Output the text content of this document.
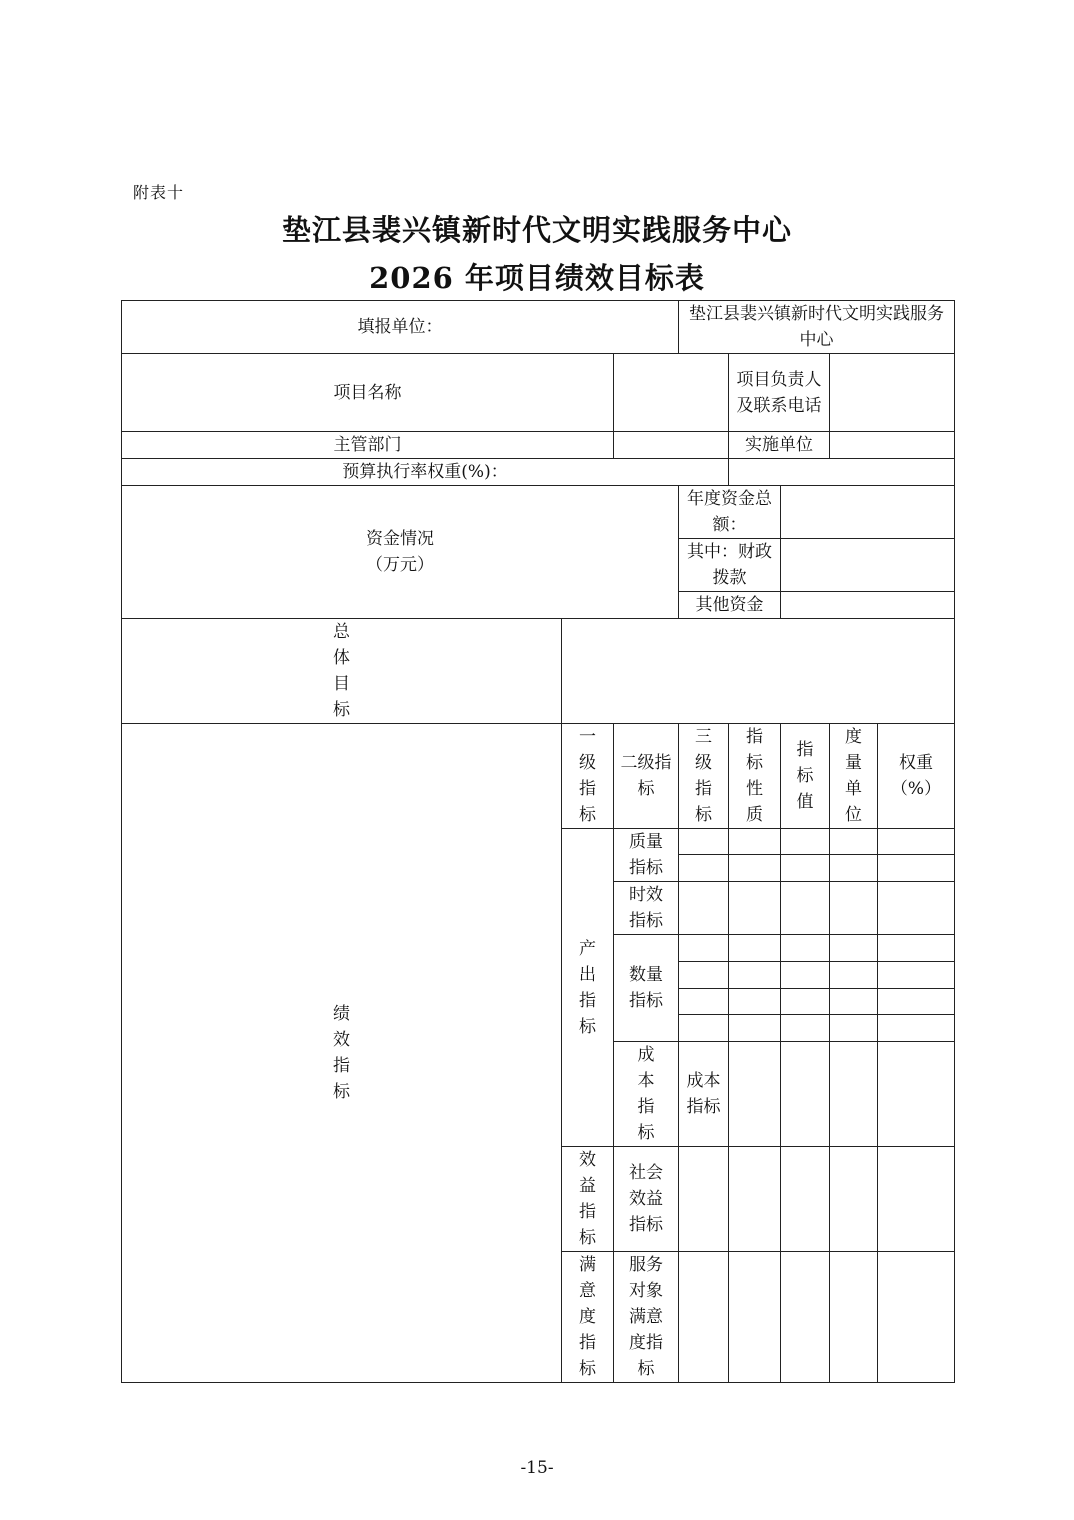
附表十
垫江县裴兴镇新时代文明实践服务中心
2026 年项目绩效目标表
填报单位：			垫江县裴兴镇新时代文明实践服务中心					
项目名称				项目负责人及联系电话				
主管部门				实施单位				
预算执行率权重(%)：								
资金情况
（万元）			年度资金总额：					
			其中：财政拨款					
			其他资金					

总体目标								

绩效指标	一级指标	二级指标	三级指标	指标性质	指标值	度量单位	权重（%）	

	产出指标	质量指标						

		时效指标						

		数量指标						

		成本指标	成本指标					

	效益指标	社会效益指标						

	满意度指标	服务对象满意度指标						

-15-
